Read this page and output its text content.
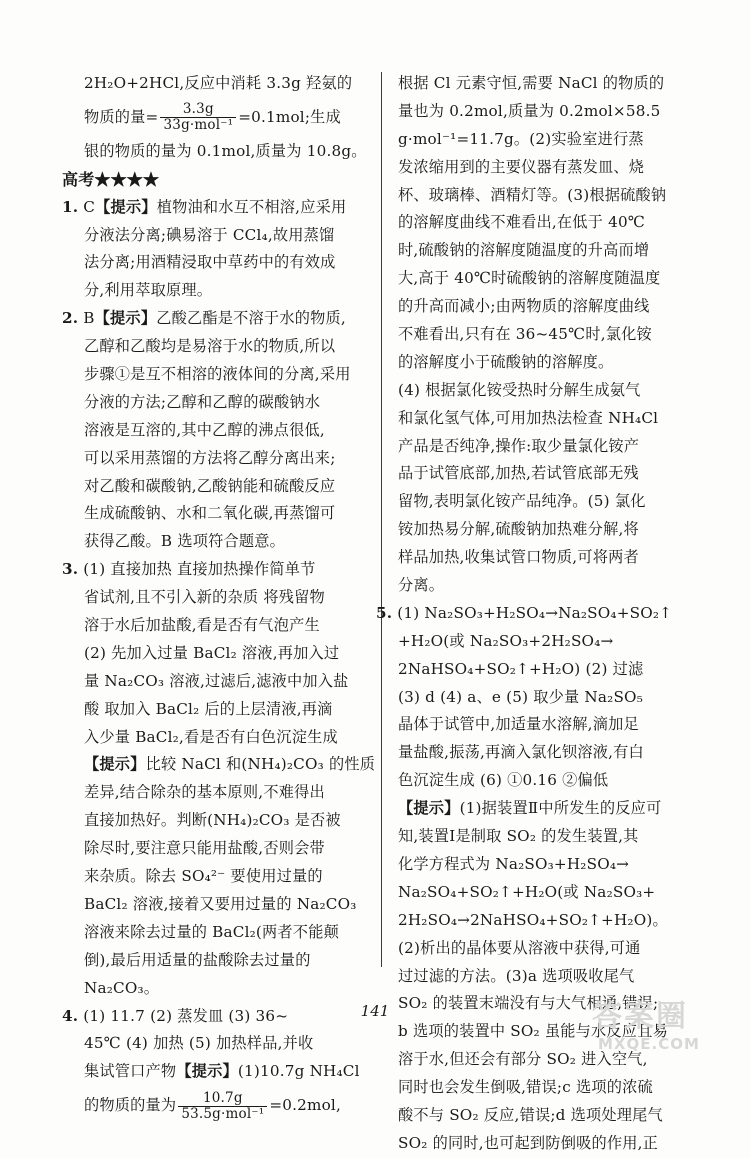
2H₂O+2HCl,反应中消耗 3.3g 羟氨的
物质的量= $\frac{3.3g}{\text{33g·mol⁻¹}} =0.1mol$;生成
银的物质的量为 0.1mol,质量为 10.8g。
高考★★★★
1. C【提示】植物油和水互不相溶,应采用
分液法分离;碘易溶于 CCl₄,故用蒸馏
法分离;用酒精浸取中草药中的有效成
分,利用萃取原理。
2. B【提示】乙酸乙酯是不溶于水的物质,
乙醇和乙酸均是易溶于水的物质,所以
步骤①是互不相溶的液体间的分离,采用
分液的方法;乙醇和乙醇的碳酸钠水
溶液是互溶的,其中乙醇的沸点很低,
可以采用蒸馏的方法将乙醇分离出来;
对乙酸和碳酸钠,乙酸钠能和硫酸反应
生成硫酸钠、水和二氧化碳,再蒸馏可
获得乙酸。B 选项符合题意。
3. (1) 直接加热 直接加热操作简单节
省试剂,且不引入新的杂质 将残留物
溶于水后加盐酸,看是否有气泡产生
(2) 先加入过量 BaCl₂ 溶液,再加入过
量 Na₂CO₃ 溶液,过滤后,滤液中加入盐
酸 取加入 BaCl₂ 后的上层清液,再滴
入少量 BaCl₂,看是否有白色沉淀生成
【提示】比较 NaCl 和(NH₄)₂CO₃ 的性质
差异,结合除杂的基本原则,不难得出
直接加热好。判断(NH₄)₂CO₃ 是否被
除尽时,要注意只能用盐酸,否则会带
来杂质。除去 SO₄²⁻ 要使用过量的
BaCl₂ 溶液,接着又要用过量的 Na₂CO₃
溶液来除去过量的 BaCl₂(两者不能颠
倒),最后用适量的盐酸除去过量的
Na₂CO₃。
4. (1) 11.7 (2) 蒸发皿 (3) 36~
45℃ (4) 加热 (5) 加热样品,并收
集试管口产物【提示】(1)10.7g NH₄Cl
的物质的量为 $\frac{10.7g}{\text{53.5g·mol⁻¹}} =0.2mol$,
根据 Cl 元素守恒,需要 NaCl 的物质的
量也为 0.2mol,质量为 0.2mol×58.5
g·mol⁻¹=11.7g。(2)实验室进行蒸
发浓缩用到的主要仪器有蒸发皿、烧
杯、玻璃棒、酒精灯等。(3)根据硫酸钠
的溶解度曲线不难看出,在低于 40℃
时,硫酸钠的溶解度随温度的升高而增
大,高于 40℃时硫酸钠的溶解度随温度
的升高而减小;由两物质的溶解度曲线
不难看出,只有在 36~45℃时,氯化铵
的溶解度小于硫酸钠的溶解度。
(4) 根据氯化铵受热时分解生成氨气
和氯化氢气体,可用加热法检查 NH₄Cl
产品是否纯净,操作:取少量氯化铵产
品于试管底部,加热,若试管底部无残
留物,表明氯化铵产品纯净。(5) 氯化
铵加热易分解,硫酸钠加热难分解,将
样品加热,收集试管口物质,可将两者
分离。
5. (1) Na₂SO₃+H₂SO₄→Na₂SO₄+SO₂↑
+H₂O(或 Na₂SO₃+2H₂SO₄→
2NaHSO₄+SO₂↑+H₂O) (2) 过滤
(3) d (4) a、e (5) 取少量 Na₂SO₅
晶体于试管中,加适量水溶解,滴加足
量盐酸,振荡,再滴入氯化钡溶液,有白
色沉淀生成 (6) ①0.16 ②偏低
【提示】(1)据装置Ⅱ中所发生的反应可
知,装置Ⅰ是制取 SO₂ 的发生装置,其
化学方程式为 Na₂SO₃+H₂SO₄→
Na₂SO₄+SO₂↑+H₂O(或 Na₂SO₃+
2H₂SO₄→2NaHSO₄+SO₂↑+H₂O)。
(2)析出的晶体要从溶液中获得,可通
过过滤的方法。(3)a 选项吸收尾气
SO₂ 的装置末端没有与大气相通,错误;
b 选项的装置中 SO₂ 虽能与水反应且易
溶于水,但还会有部分 SO₂ 进入空气,
同时也会发生倒吸,错误;c 选项的浓硫
酸不与 SO₂ 反应,错误;d 选项处理尾气
SO₂ 的同时,也可起到防倒吸的作用,正
141	答案圈
MXQE.COM
